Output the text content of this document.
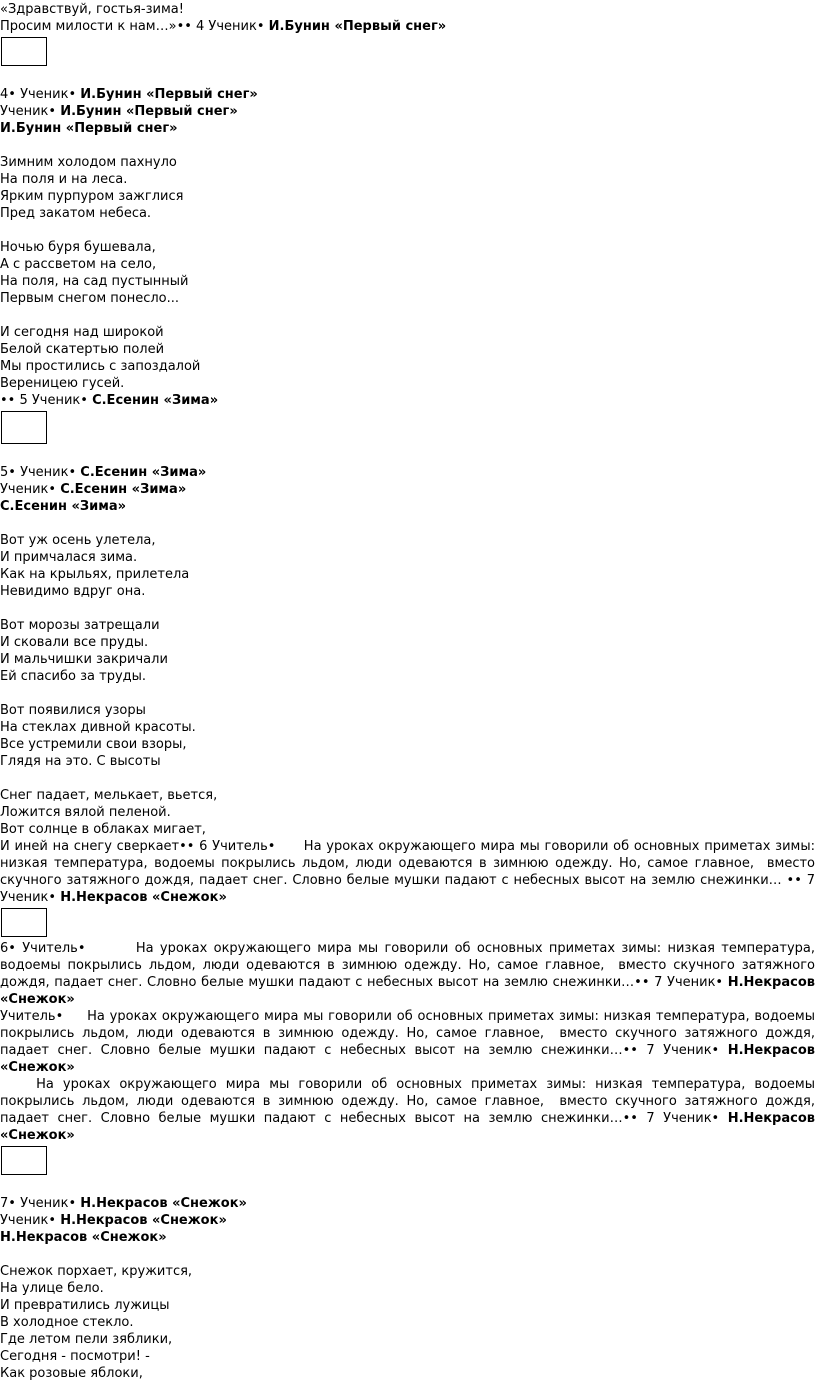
«Здравствуй, гостья-зима!
Просим милости к нам…»•• 4 Ученик• И.Бунин «Первый снег»
4• Ученик• И.Бунин «Первый снег»
Ученик• И.Бунин «Первый снег»
И.Бунин «Первый снег»
Зимним холодом пахнуло
На поля и на леса.
Ярким пурпуром зажглися
Пред закатом небеса.
Ночью буря бушевала,
А с рассветом на село,
На поля, на сад пустынный
Первым снегом понесло...
И сегодня над широкой
Белой скатертью полей
Мы простились с запоздалой
Вереницею гусей.
•• 5 Ученик• С.Есенин «Зима»
5• Ученик• С.Есенин «Зима»
Ученик• С.Есенин «Зима»
С.Есенин «Зима»
Вот уж осень улетела,
И примчалася зима.
Как на крыльях, прилетела
Невидимо вдруг она.
Вот морозы затрещали
И сковали все пруды.
И мальчишки закричали
Ей спасибо за труды.
Вот появилися узоры
На стеклах дивной красоты.
Все устремили свои взоры,
Глядя на это. С высоты
Снег падает, мелькает, вьется,
Ложится вялой пеленой.
Вот солнце в облаках мигает,
И иней на снегу сверкает•• 6 Учитель•      На уроках окружающего мира мы говорили об основных приметах зимы: низкая температура, водоемы покрылись льдом, люди одеваются в зимнюю одежду. Но, самое главное,  вместо скучного затяжного дождя, падает снег. Словно белые мушки падают с небесных высот на землю снежинки… •• 7 Ученик• Н.Некрасов «Снежок»
6• Учитель•        На уроках окружающего мира мы говорили об основных приметах зимы: низкая температура, водоемы покрылись льдом, люди одеваются в зимнюю одежду. Но, самое главное,  вместо скучного затяжного дождя, падает снег. Словно белые мушки падают с небесных высот на землю снежинки…•• 7 Ученик• Н.Некрасов «Снежок»
Учитель•     На уроках окружающего мира мы говорили об основных приметах зимы: низкая температура, водоемы покрылись льдом, люди одеваются в зимнюю одежду. Но, самое главное,  вместо скучного затяжного дождя, падает снег. Словно белые мушки падают с небесных высот на землю снежинки…•• 7 Ученик• Н.Некрасов «Снежок»
На уроках окружающего мира мы говорили об основных приметах зимы: низкая температура, водоемы покрылись льдом, люди одеваются в зимнюю одежду. Но, самое главное,  вместо скучного затяжного дождя, падает снег. Словно белые мушки падают с небесных высот на землю снежинки…•• 7 Ученик• Н.Некрасов «Снежок»
7• Ученик• Н.Некрасов «Снежок»
Ученик• Н.Некрасов «Снежок»
Н.Некрасов «Снежок»
Снежок порхает, кружится,
На улице бело.
И превратились лужицы
В холодное стекло.
Где летом пели зяблики,
Сегодня - посмотри! -
Как розовые яблоки,
